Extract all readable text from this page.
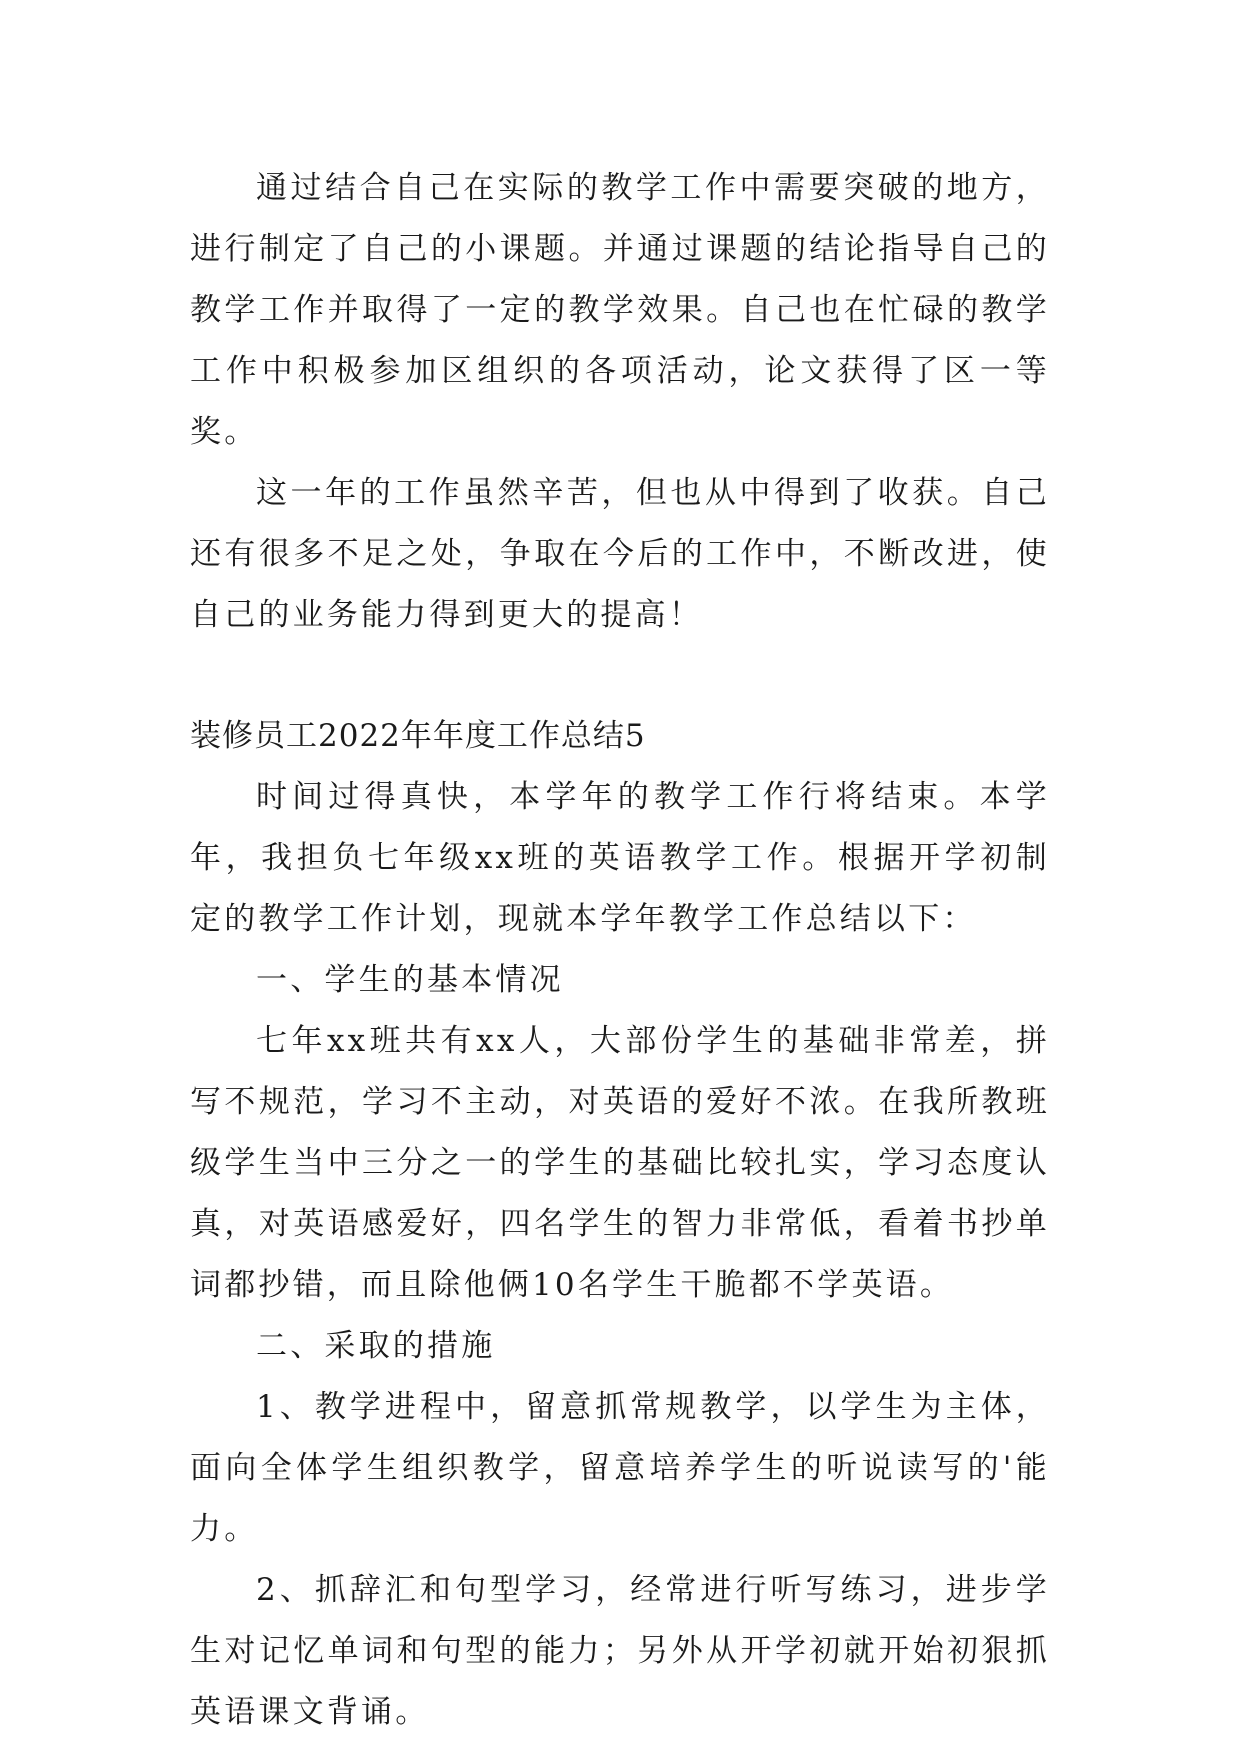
通过结合自己在实际的教学工作中需要突破的地方，进行制定了自己的小课题。并通过课题的结论指导自己的教学工作并取得了一定的教学效果。自己也在忙碌的教学工作中积极参加区组织的各项活动，论文获得了区一等奖。

这一年的工作虽然辛苦，但也从中得到了收获。自己还有很多不足之处，争取在今后的工作中，不断改进，使自己的业务能力得到更大的提高！

装修员工2022年年度工作总结5

时间过得真快，本学年的教学工作行将结束。本学年，我担负七年级xx班的英语教学工作。根据开学初制定的教学工作计划，现就本学年教学工作总结以下：

一、学生的基本情况

七年xx班共有xx人，大部份学生的基础非常差，拼写不规范，学习不主动，对英语的爱好不浓。在我所教班级学生当中三分之一的学生的基础比较扎实，学习态度认真，对英语感爱好，四名学生的智力非常低，看着书抄单词都抄错，而且除他俩10名学生干脆都不学英语。

二、采取的措施

1、教学进程中，留意抓常规教学，以学生为主体，面向全体学生组织教学，留意培养学生的听说读写的'能力。

2、抓辞汇和句型学习，经常进行听写练习，进步学生对记忆单词和句型的能力；另外从开学初就开始初狠抓英语课文背诵。
